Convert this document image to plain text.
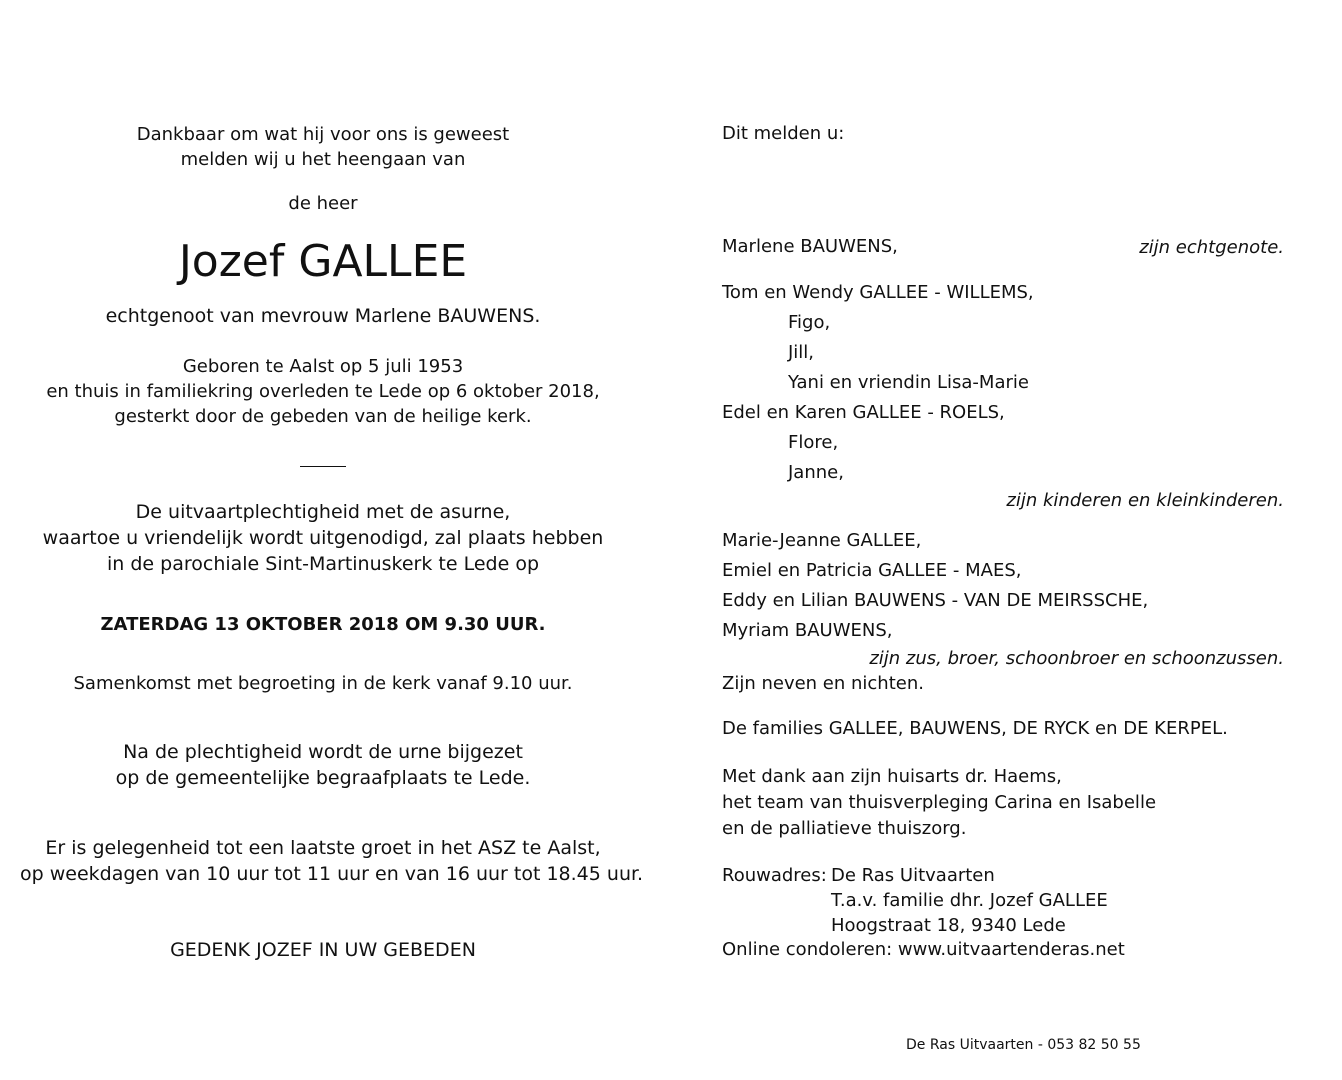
Dankbaar om wat hij voor ons is geweest

melden wij u het heengaan van

de heer

Jozef GALLEE

echtgenoot van mevrouw Marlene BAUWENS.

Geboren te Aalst op 5 juli 1953

en thuis in familiekring overleden te Lede op 6 oktober 2018,

gesterkt door de gebeden van de heilige kerk.

De uitvaartplechtigheid met de asurne,

waartoe u vriendelijk wordt uitgenodigd, zal plaats hebben

in de parochiale Sint-Martinuskerk te Lede op

ZATERDAG 13 OKTOBER 2018 OM 9.30 UUR.

Samenkomst met begroeting in de kerk vanaf 9.10 uur.

Na de plechtigheid wordt de urne bijgezet

op de gemeentelijke begraafplaats te Lede.

Er is gelegenheid tot een laatste groet in het ASZ te Aalst,

op weekdagen van 10 uur tot 11 uur en van 16 uur tot 18.45 uur.

GEDENK JOZEF IN UW GEBEDEN

Dit melden u:

Marlene BAUWENS,	zijn echtgenote.

Tom en Wendy GALLEE - WILLEMS,

Figo,

Jill,

Yani en vriendin Lisa-Marie

Edel en Karen GALLEE - ROELS,

Flore,

Janne,

zijn kinderen en kleinkinderen.

Marie-Jeanne GALLEE,

Emiel en Patricia GALLEE - MAES,

Eddy en Lilian BAUWENS - VAN DE MEIRSSCHE,

Myriam BAUWENS,

zijn zus, broer, schoonbroer en schoonzussen.

Zijn neven en nichten.

De families GALLEE, BAUWENS, DE RYCK en DE KERPEL.

Met dank aan zijn huisarts dr. Haems,

het team van thuisverpleging Carina en Isabelle

en de palliatieve thuiszorg.

Rouwadres: De Ras Uitvaarten

T.a.v. familie dhr. Jozef GALLEE

Hoogstraat 18, 9340 Lede

Online condoleren: www.uitvaartenderas.net

De Ras Uitvaarten - 053 82 50 55
